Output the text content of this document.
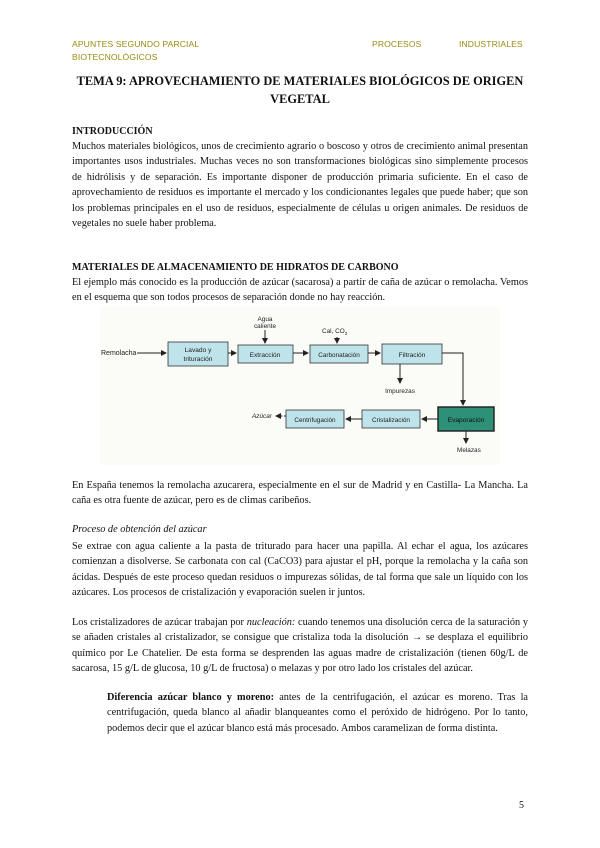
APUNTES SEGUNDO PARCIAL
BIOTECNOLÓGICOS
PROCESOS	INDUSTRIALES
TEMA 9: APROVECHAMIENTO DE MATERIALES BIOLÓGICOS DE ORIGEN
VEGETAL

INTRODUCCIÓN

Muchos materiales biológicos, unos de crecimiento agrario o boscoso y otros de crecimiento animal presentan importantes usos industriales. Muchas veces no son transformaciones biológicas sino simplemente procesos de hidrólisis y de separación. Es importante disponer de producción primaria suficiente. En el caso de aprovechamiento de residuos es importante el mercado y los condicionantes legales que puede haber; que son los problemas principales en el uso de residuos, especialmente de células u origen animales. De residuos de vegetales no suele haber problema.

MATERIALES DE ALMACENAMIENTO DE HIDRATOS DE CARBONO

El ejemplo más conocido es la producción de azúcar (sacarosa) a partir de caña de azúcar o remolacha. Vemos en el esquema que son todos procesos de separación donde no hay reacción.

Remolacha	Lavado y
trituración
Agua
caliente
Extracción
Cal, $CO_2$
Carbonatación	Filtración
Impurezas
Evaporación
Melazas
Cristalización
Centrifugación
Azúcar

En España tenemos la remolacha azucarera, especialmente en el sur de Madrid y en Castilla- La Mancha. La caña es otra fuente de azúcar, pero es de climas caribeños.

Proceso de obtención del azúcar

Se extrae con agua caliente a la pasta de triturado para hacer una papilla. Al echar el agua, los azúcares comienzan a disolverse. Se carbonata con cal (CaCO3) para ajustar el pH, porque la remolacha y la caña son ácidas. Después de este proceso quedan residuos o impurezas sólidas, de tal forma que sale un líquido con los azúcares. Los procesos de cristalización y evaporación suelen ir juntos.

Los cristalizadores de azúcar trabajan por nucleación: cuando tenemos una disolución cerca de la saturación y se añaden cristales al cristalizador, se consigue que cristaliza toda la disolución → se desplaza el equilibrio químico por Le Chatelier. De esta forma se desprenden las aguas madre de cristalización (tienen 60g/L de sacarosa, 15 g/L de glucosa, 10 g/L de fructosa) o melazas y por otro lado los cristales del azúcar.

Diferencia azúcar blanco y moreno: antes de la centrifugación, el azúcar es moreno. Tras la centrifugación, queda blanco al añadir blanqueantes como el peróxido de hidrógeno. Por lo tanto, podemos decir que el azúcar blanco está más procesado. Ambos caramelizan de forma distinta.

5
